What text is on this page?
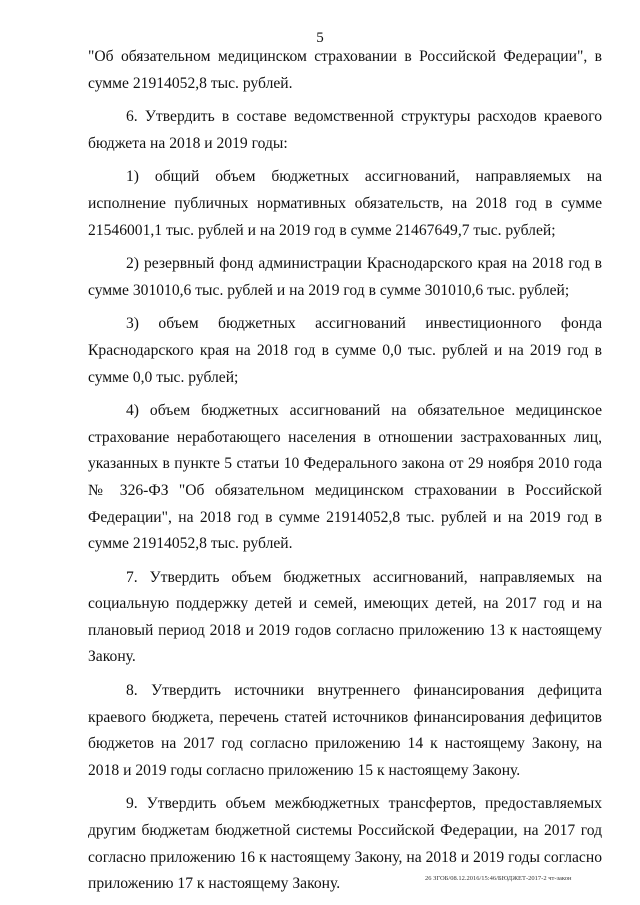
5

"Об обязательном медицинском страховании в Российской Федерации", в сумме 21914052,8 тыс. рублей.

6. Утвердить в составе ведомственной структуры расходов краевого бюджета на 2018 и 2019 годы:

1) общий объем бюджетных ассигнований, направляемых на исполнение публичных нормативных обязательств, на 2018 год в сумме 21546001,1 тыс. рублей и на 2019 год в сумме 21467649,7 тыс. рублей;

2) резервный фонд администрации Краснодарского края на 2018 год в сумме 301010,6 тыс. рублей и на 2019 год в сумме 301010,6 тыс. рублей;

3) объем бюджетных ассигнований инвестиционного фонда Краснодарского края на 2018 год в сумме 0,0 тыс. рублей и на 2019 год в сумме 0,0 тыс. рублей;

4) объем бюджетных ассигнований на обязательное медицинское страхование неработающего населения в отношении застрахованных лиц, указанных в пункте 5 статьи 10 Федерального закона от 29 ноября 2010 года № 326-ФЗ "Об обязательном медицинском страховании в Российской Федерации", на 2018 год в сумме 21914052,8 тыс. рублей и на 2019 год в сумме 21914052,8 тыс. рублей.

7. Утвердить объем бюджетных ассигнований, направляемых на социальную поддержку детей и семей, имеющих детей, на 2017 год и на плановый период 2018 и 2019 годов согласно приложению 13 к настоящему Закону.

8. Утвердить источники внутреннего финансирования дефицита краевого бюджета, перечень статей источников финансирования дефицитов бюджетов на 2017 год согласно приложению 14 к настоящему Закону, на 2018 и 2019 годы согласно приложению 15 к настоящему Закону.

9. Утвердить объем межбюджетных трансфертов, предоставляемых другим бюджетам бюджетной системы Российской Федерации, на 2017 год согласно приложению 16 к настоящему Закону, на 2018 и 2019 годы согласно приложению 17 к настоящему Закону.	26 ЗГОБ/08.12.2016/15:46/БЮДЖЕТ-2017-2 чт-закон
